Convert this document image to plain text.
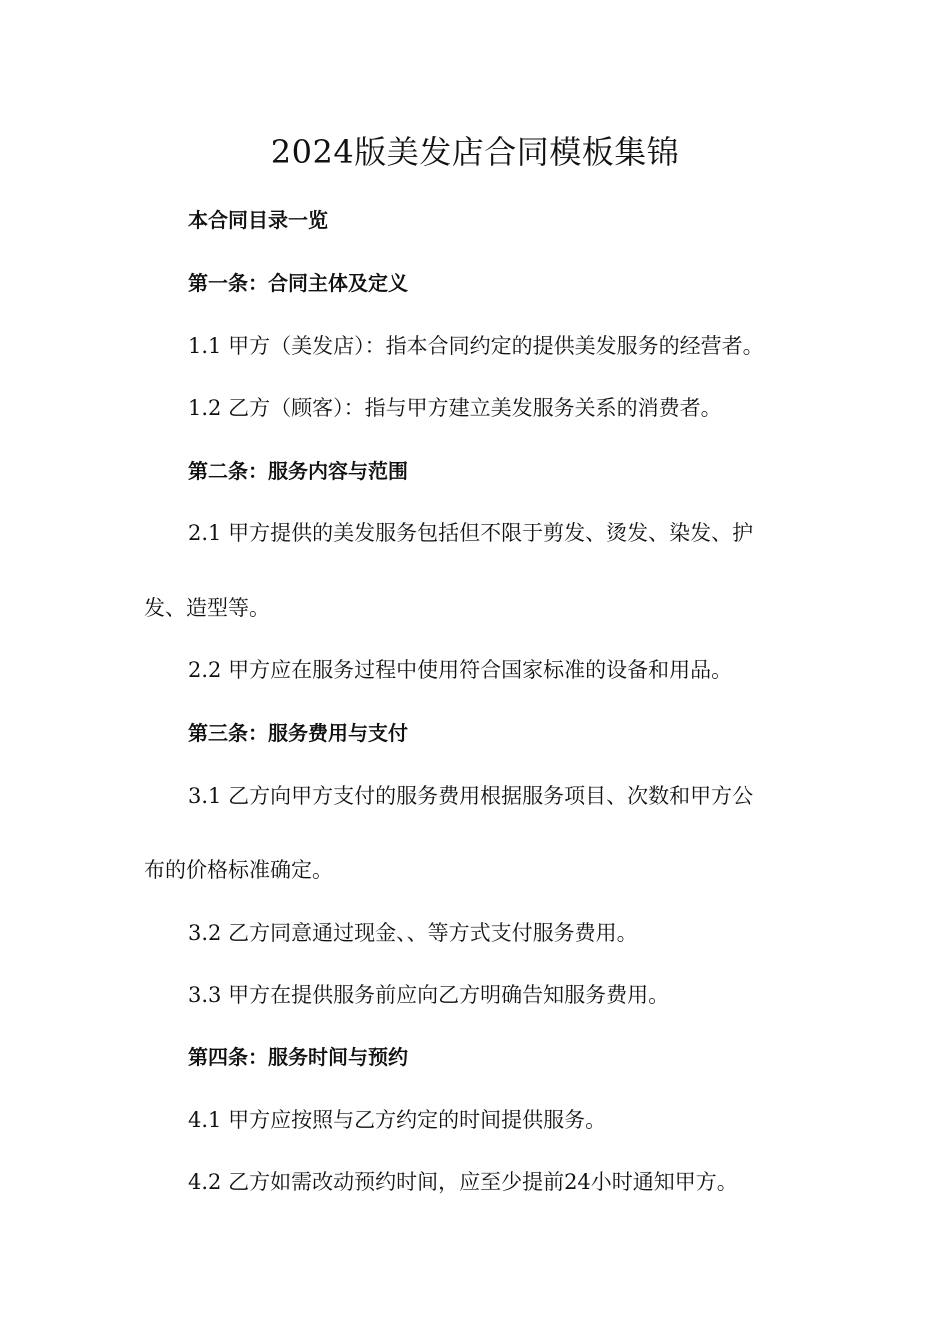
2024版美发店合同模板集锦

本合同目录一览

第一条：合同主体及定义

1.1 甲方（美发店）：指本合同约定的提供美发服务的经营者。

1.2 乙方（顾客）：指与甲方建立美发服务关系的消费者。

第二条：服务内容与范围

2.1 甲方提供的美发服务包括但不限于剪发、烫发、染发、护

发、造型等。

2.2 甲方应在服务过程中使用符合国家标准的设备和用品。

第三条：服务费用与支付

3.1 乙方向甲方支付的服务费用根据服务项目、次数和甲方公

布的价格标准确定。

3.2 乙方同意通过现金、、等方式支付服务费用。

3.3 甲方在提供服务前应向乙方明确告知服务费用。

第四条：服务时间与预约

4.1 甲方应按照与乙方约定的时间提供服务。

4.2 乙方如需改动预约时间，应至少提前24小时通知甲方。
